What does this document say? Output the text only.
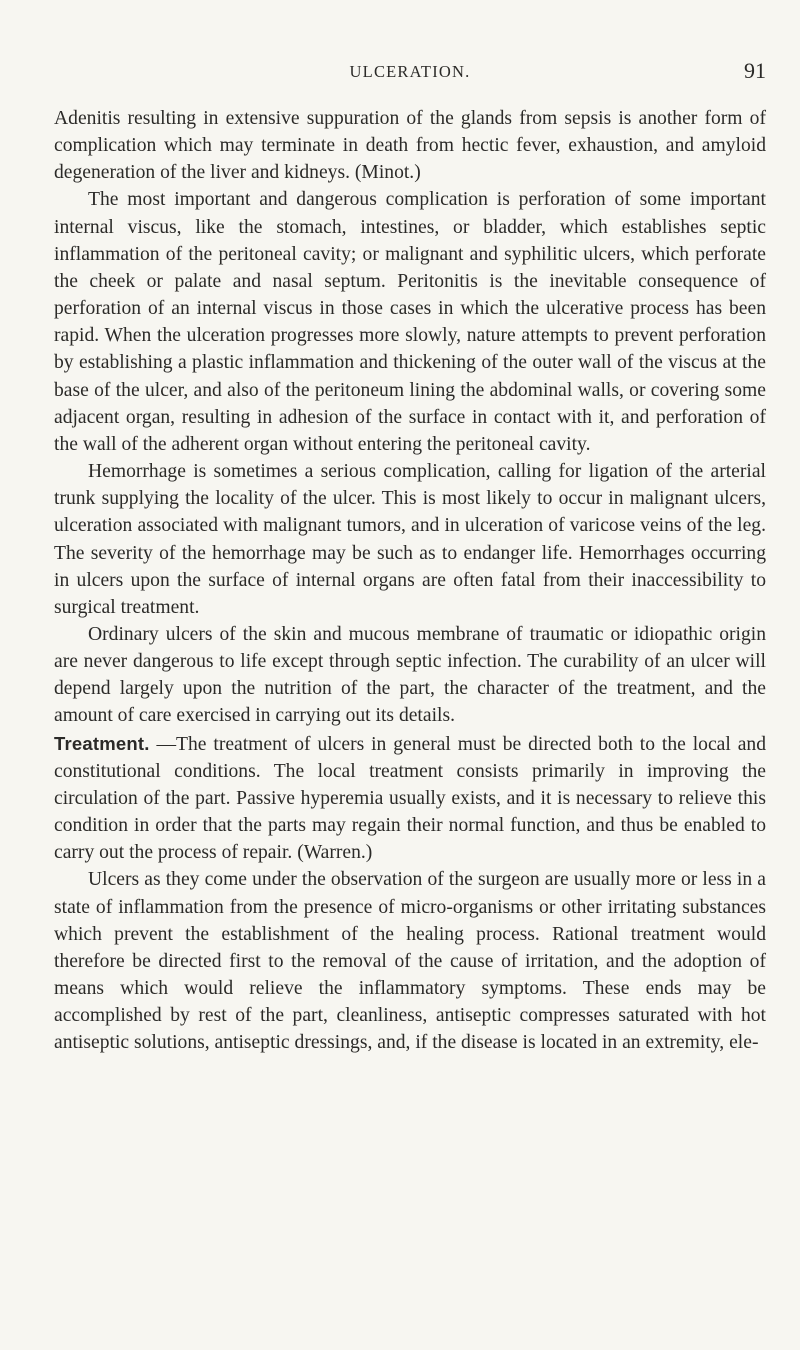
ULCERATION.	91

Adenitis resulting in extensive suppuration of the glands from sepsis is another form of complication which may terminate in death from hectic fever, exhaustion, and amyloid degeneration of the liver and kidneys. (Minot.)

The most important and dangerous complication is perforation of some important internal viscus, like the stomach, intestines, or bladder, which establishes septic inflammation of the peritoneal cavity; or malignant and syphilitic ulcers, which perforate the cheek or palate and nasal septum. Peritonitis is the inevitable consequence of perforation of an internal viscus in those cases in which the ulcerative process has been rapid. When the ulceration progresses more slowly, nature attempts to prevent perforation by establishing a plastic inflammation and thickening of the outer wall of the viscus at the base of the ulcer, and also of the peritoneum lining the abdominal walls, or covering some adjacent organ, resulting in adhesion of the surface in contact with it, and perforation of the wall of the adherent organ without entering the peritoneal cavity.

Hemorrhage is sometimes a serious complication, calling for ligation of the arterial trunk supplying the locality of the ulcer. This is most likely to occur in malignant ulcers, ulceration associated with malignant tumors, and in ulceration of varicose veins of the leg. The severity of the hemorrhage may be such as to endanger life. Hemorrhages occurring in ulcers upon the surface of internal organs are often fatal from their inaccessibility to surgical treatment.

Ordinary ulcers of the skin and mucous membrane of traumatic or idiopathic origin are never dangerous to life except through septic infection. The curability of an ulcer will depend largely upon the nutrition of the part, the character of the treatment, and the amount of care exercised in carrying out its details.

Treatment. —The treatment of ulcers in general must be directed both to the local and constitutional conditions. The local treatment consists primarily in improving the circulation of the part. Passive hyperemia usually exists, and it is necessary to relieve this condition in order that the parts may regain their normal function, and thus be enabled to carry out the process of repair. (Warren.)

Ulcers as they come under the observation of the surgeon are usually more or less in a state of inflammation from the presence of micro-organisms or other irritating substances which prevent the establishment of the healing process. Rational treatment would therefore be directed first to the removal of the cause of irritation, and the adoption of means which would relieve the inflammatory symptoms. These ends may be accomplished by rest of the part, cleanliness, antiseptic compresses saturated with hot antiseptic solutions, antiseptic dressings, and, if the disease is located in an extremity, ele-
